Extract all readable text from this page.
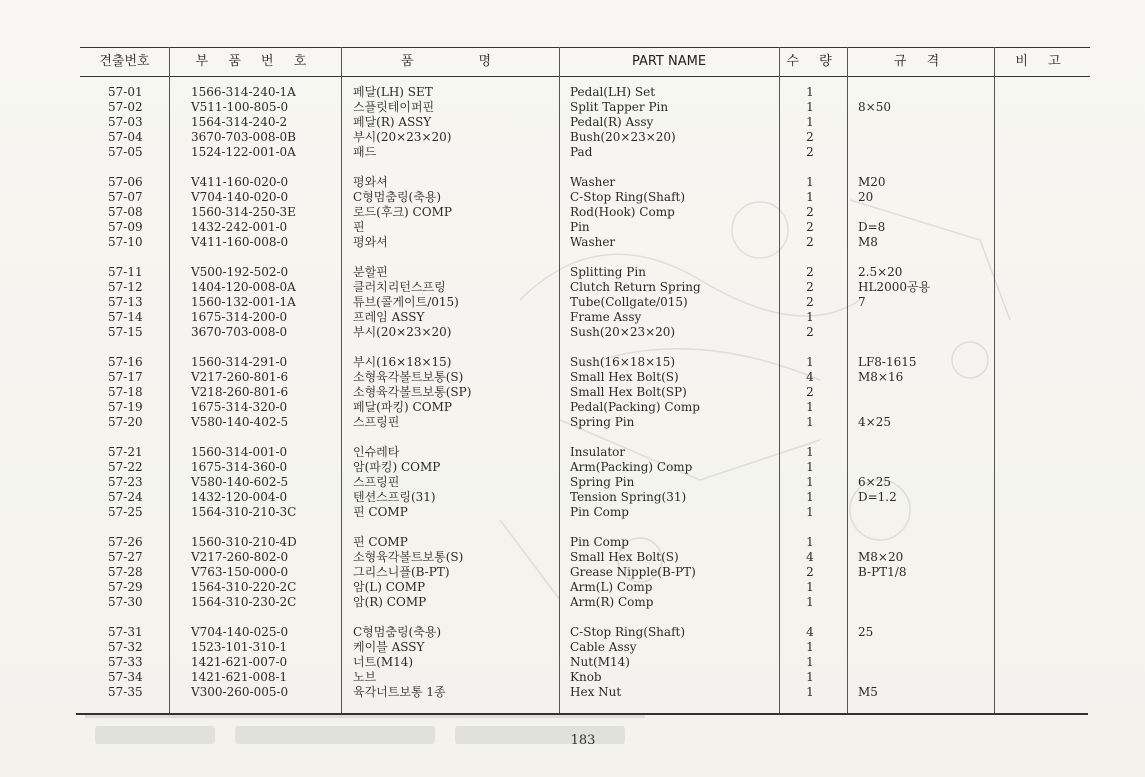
견출번호	부 품 번 호	품	명	PART NAME	수 량	규 격	비 고
57-01	1566-314-240-1A	페달(LH) SET	Pedal(LH) Set	1
57-02	V511-100-805-0	스플릿테이퍼핀	Split Tapper Pin	1	8×50
57-03	1564-314-240-2	페달(R) ASSY	Pedal(R) Assy	1
57-04	3670-703-008-0B	부시(20×23×20)	Bush(20×23×20)	2
57-05	1524-122-001-0A	패드	Pad	2
57-06	V411-160-020-0	평와셔	Washer	1	M20
57-07	V704-140-020-0	C형멈춤링(축용)	C-Stop Ring(Shaft)	1	20
57-08	1560-314-250-3E	로드(후크) COMP	Rod(Hook) Comp	2
57-09	1432-242-001-0	핀	Pin	2	D=8
57-10	V411-160-008-0	평와셔	Washer	2	M8
57-11	V500-192-502-0	분할핀	Splitting Pin	2	2.5×20
57-12	1404-120-008-0A	클러치리턴스프링	Clutch Return Spring	2	HL2000공용
57-13	1560-132-001-1A	튜브(콜게이트/015)	Tube(Collgate/015)	2	7
57-14	1675-314-200-0	프레임 ASSY	Frame Assy	1
57-15	3670-703-008-0	부시(20×23×20)	Sush(20×23×20)	2
57-16	1560-314-291-0	부시(16×18×15)	Sush(16×18×15)	1	LF8-1615
57-17	V217-260-801-6	소형육각볼트보통(S)	Small Hex Bolt(S)	4	M8×16
57-18	V218-260-801-6	소형육각볼트보통(SP)	Small Hex Bolt(SP)	2
57-19	1675-314-320-0	페달(파킹) COMP	Pedal(Packing) Comp	1
57-20	V580-140-402-5	스프링핀	Spring Pin	1	4×25
57-21	1560-314-001-0	인슈레타	Insulator	1
57-22	1675-314-360-0	암(파킹) COMP	Arm(Packing) Comp	1
57-23	V580-140-602-5	스프링핀	Spring Pin	1	6×25
57-24	1432-120-004-0	텐션스프링(31)	Tension Spring(31)	1	D=1.2
57-25	1564-310-210-3C	핀 COMP	Pin Comp	1
57-26	1560-310-210-4D	핀 COMP	Pin Comp	1
57-27	V217-260-802-0	소형육각볼트보통(S)	Small Hex Bolt(S)	4	M8×20
57-28	V763-150-000-0	그리스니플(B-PT)	Grease Nipple(B-PT)	2	B-PT1/8
57-29	1564-310-220-2C	암(L) COMP	Arm(L) Comp	1
57-30	1564-310-230-2C	암(R) COMP	Arm(R) Comp	1
57-31	V704-140-025-0	C형멈춤링(축용)	C-Stop Ring(Shaft)	4	25
57-32	1523-101-310-1	케이블 ASSY	Cable Assy	1
57-33	1421-621-007-0	너트(M14)	Nut(M14)	1
57-34	1421-621-008-1	노브	Knob	1
57-35	V300-260-005-0	육각너트보통 1종	Hex Nut	1	M5
183
